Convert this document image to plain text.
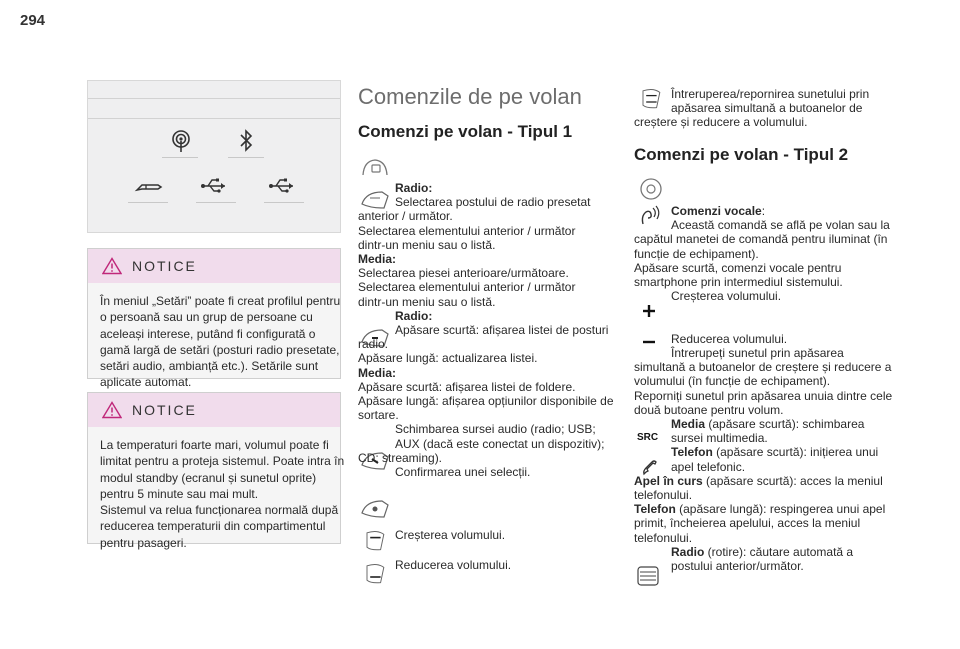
294
NOTICE
În meniul „Setări” poate fi creat profilul pentru
o persoană sau un grup de persoane cu
aceleași interese, putând fi configurată o
gamă largă de setări (posturi radio presetate,
setări audio, ambianță etc.). Setările sunt
aplicate automat.
NOTICE
La temperaturi foarte mari, volumul poate fi
limitat pentru a proteja sistemul. Poate intra în
modul standby (ecranul și sunetul oprite)
pentru 5 minute sau mai mult.
Sistemul va relua funcționarea normală după
reducerea temperaturii din compartimentul
pentru pasageri.
Comenzile de pe volan
Comenzi pe volan - Tipul 1
Radio:
Selectarea postului de radio presetat
anterior / următor.
Selectarea elementului anterior / următor
dintr-un meniu sau o listă.
Media:
Selectarea piesei anterioare/următoare.
Selectarea elementului anterior / următor
dintr-un meniu sau o listă.
Radio:
Apăsare scurtă: afișarea listei de posturi
radio.
Apăsare lungă: actualizarea listei.
Media:
Apăsare scurtă: afișarea listei de foldere.
Apăsare lungă: afișarea opțiunilor disponibile de
sortare.
Schimbarea sursei audio (radio; USB;
AUX (dacă este conectat un dispozitiv);
CD; streaming).
Confirmarea unei selecții.
Creșterea volumului.
Reducerea volumului.
Întreruperea/repornirea sunetului prin
apăsarea simultană a butoanelor de
creștere și reducere a volumului.
Comenzi pe volan - Tipul 2
SRC
Comenzi vocale:
Această comandă se află pe volan sau la
capătul manetei de comandă pentru iluminat (în
funcție de echipament).
Apăsare scurtă, comenzi vocale pentru
smartphone prin intermediul sistemului.
Creșterea volumului.

Reducerea volumului.
Întrerupeți sunetul prin apăsarea
simultană a butoanelor de creștere și reducere a
volumului (în funcție de echipament).
Reporniți sunetul prin apăsarea unuia dintre cele
două butoane pentru volum.
Media (apăsare scurtă): schimbarea
sursei multimedia.
Telefon (apăsare scurtă): inițierea unui
apel telefonic.
Apel în curs (apăsare scurtă): acces la meniul
telefonului.
Telefon (apăsare lungă): respingerea unui apel
primit, încheierea apelului, acces la meniul
telefonului.
Radio (rotire): căutare automată a
postului anterior/următor.
